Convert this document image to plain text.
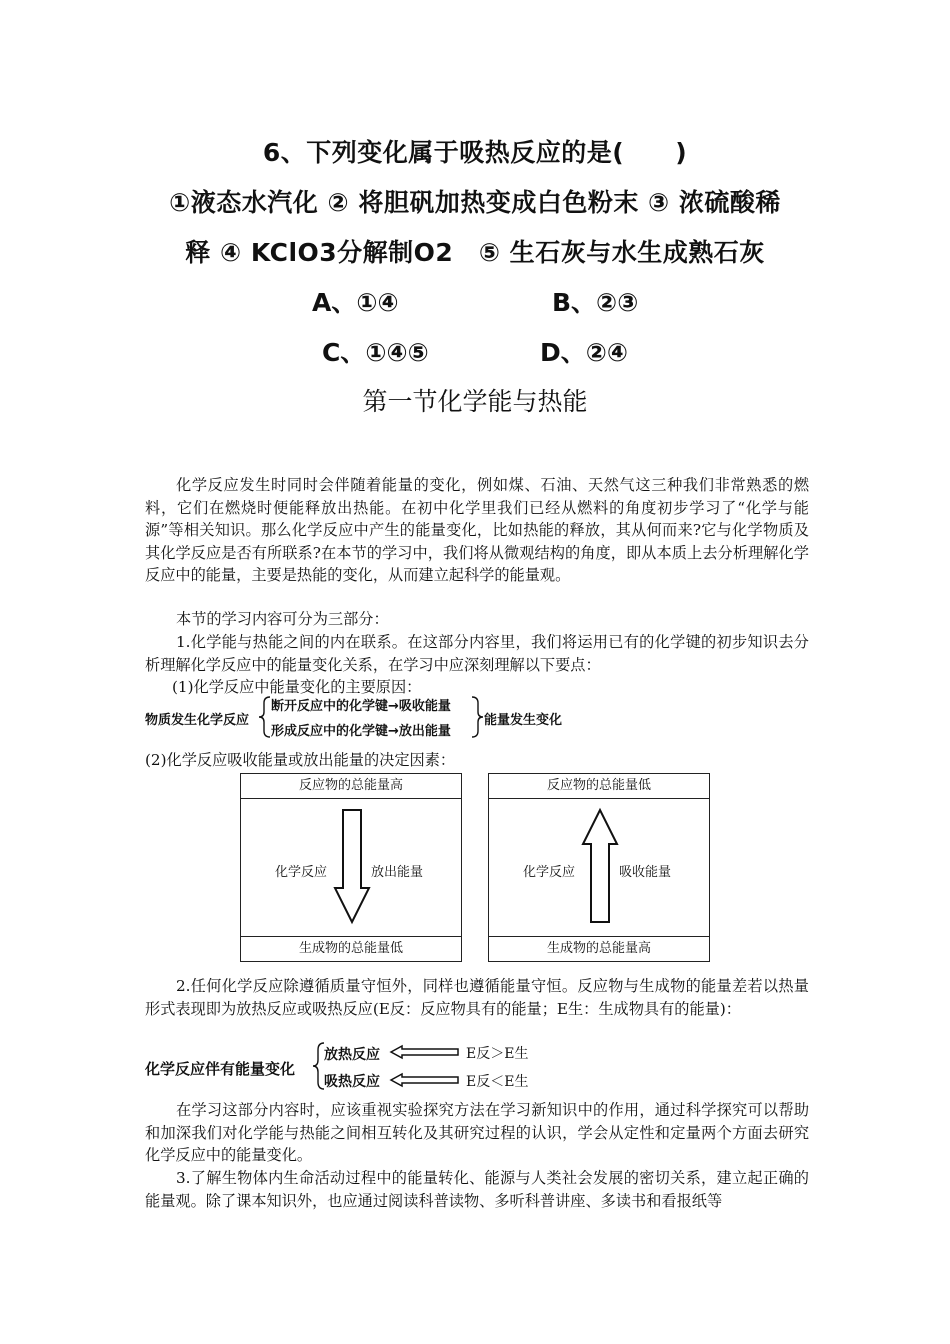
6、下列变化属于吸热反应的是(　　)
①液态水汽化 ② 将胆矾加热变成白色粉末 ③ 浓硫酸稀
释 ④ KClO3分解制O2　⑤ 生石灰与水生成熟石灰
A、①④	B、②③
C、①④⑤	D、②④
第一节化学能与热能
化学反应发生时同时会伴随着能量的变化，例如煤、石油、天然气这三种我们非常熟悉的燃料，它们在燃烧时便能释放出热能。在初中化学里我们已经从燃料的角度初步学习了“化学与能源”等相关知识。那么化学反应中产生的能量变化，比如热能的释放，其从何而来?它与化学物质及其化学反应是否有所联系?在本节的学习中，我们将从微观结构的角度，即从本质上去分析理解化学反应中的能量，主要是热能的变化，从而建立起科学的能量观。
本节的学习内容可分为三部分：
1.化学能与热能之间的内在联系。在这部分内容里，我们将运用已有的化学键的初步知识去分析理解化学反应中的能量变化关系，在学习中应深刻理解以下要点：
(1)化学反应中能量变化的主要原因：
物质发生化学反应
断开反应中的化学键→吸收能量
形成反应中的化学键→放出能量
能量发生变化
(2)化学反应吸收能量或放出能量的决定因素：
反应物的总能量高
化学反应	放出能量
生成物的总能量低
反应物的总能量低
化学反应	吸收能量
生成物的总能量高
2.任何化学反应除遵循质量守恒外，同样也遵循能量守恒。反应物与生成物的能量差若以热量形式表现即为放热反应或吸热反应(E反：反应物具有的能量；E生：生成物具有的能量)：
化学反应伴有能量变化
放热反应
吸热反应
E反＞E生
E反＜E生
在学习这部分内容时，应该重视实验探究方法在学习新知识中的作用，通过科学探究可以帮助和加深我们对化学能与热能之间相互转化及其研究过程的认识，学会从定性和定量两个方面去研究化学反应中的能量变化。
3.了解生物体内生命活动过程中的能量转化、能源与人类社会发展的密切关系，建立起正确的能量观。除了课本知识外，也应通过阅读科普读物、多听科普讲座、多读书和看报纸等
